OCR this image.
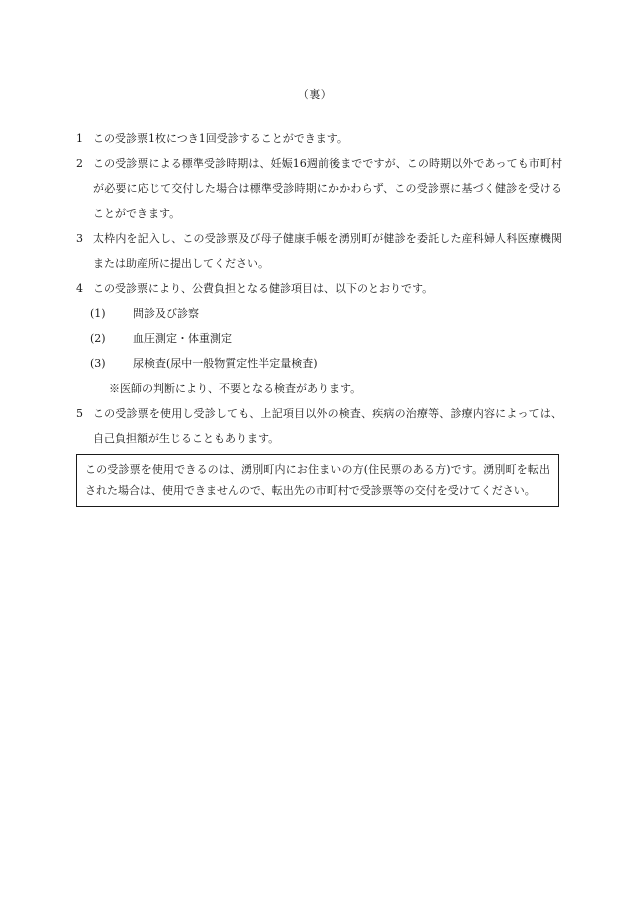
（裏）
1 この受診票1枚につき1回受診することができます。
2 この受診票による標準受診時期は、妊娠16週前後までですが、この時期以外であっても市町村が必要に応じて交付した場合は標準受診時期にかかわらず、この受診票に基づく健診を受けることができます。
3 太枠内を記入し、この受診票及び母子健康手帳を湧別町が健診を委託した産科婦人科医療機関または助産所に提出してください。
4 この受診票により、公費負担となる健診項目は、以下のとおりです。
(1) 問診及び診察
(2) 血圧測定・体重測定
(3) 尿検査(尿中一般物質定性半定量検査)
※医師の判断により、不要となる検査があります。
5 この受診票を使用し受診しても、上記項目以外の検査、疾病の治療等、診療内容によっては、自己負担額が生じることもあります。
この受診票を使用できるのは、湧別町内にお住まいの方(住民票のある方)です。湧別町を転出された場合は、使用できませんので、転出先の市町村で受診票等の交付を受けてください。
